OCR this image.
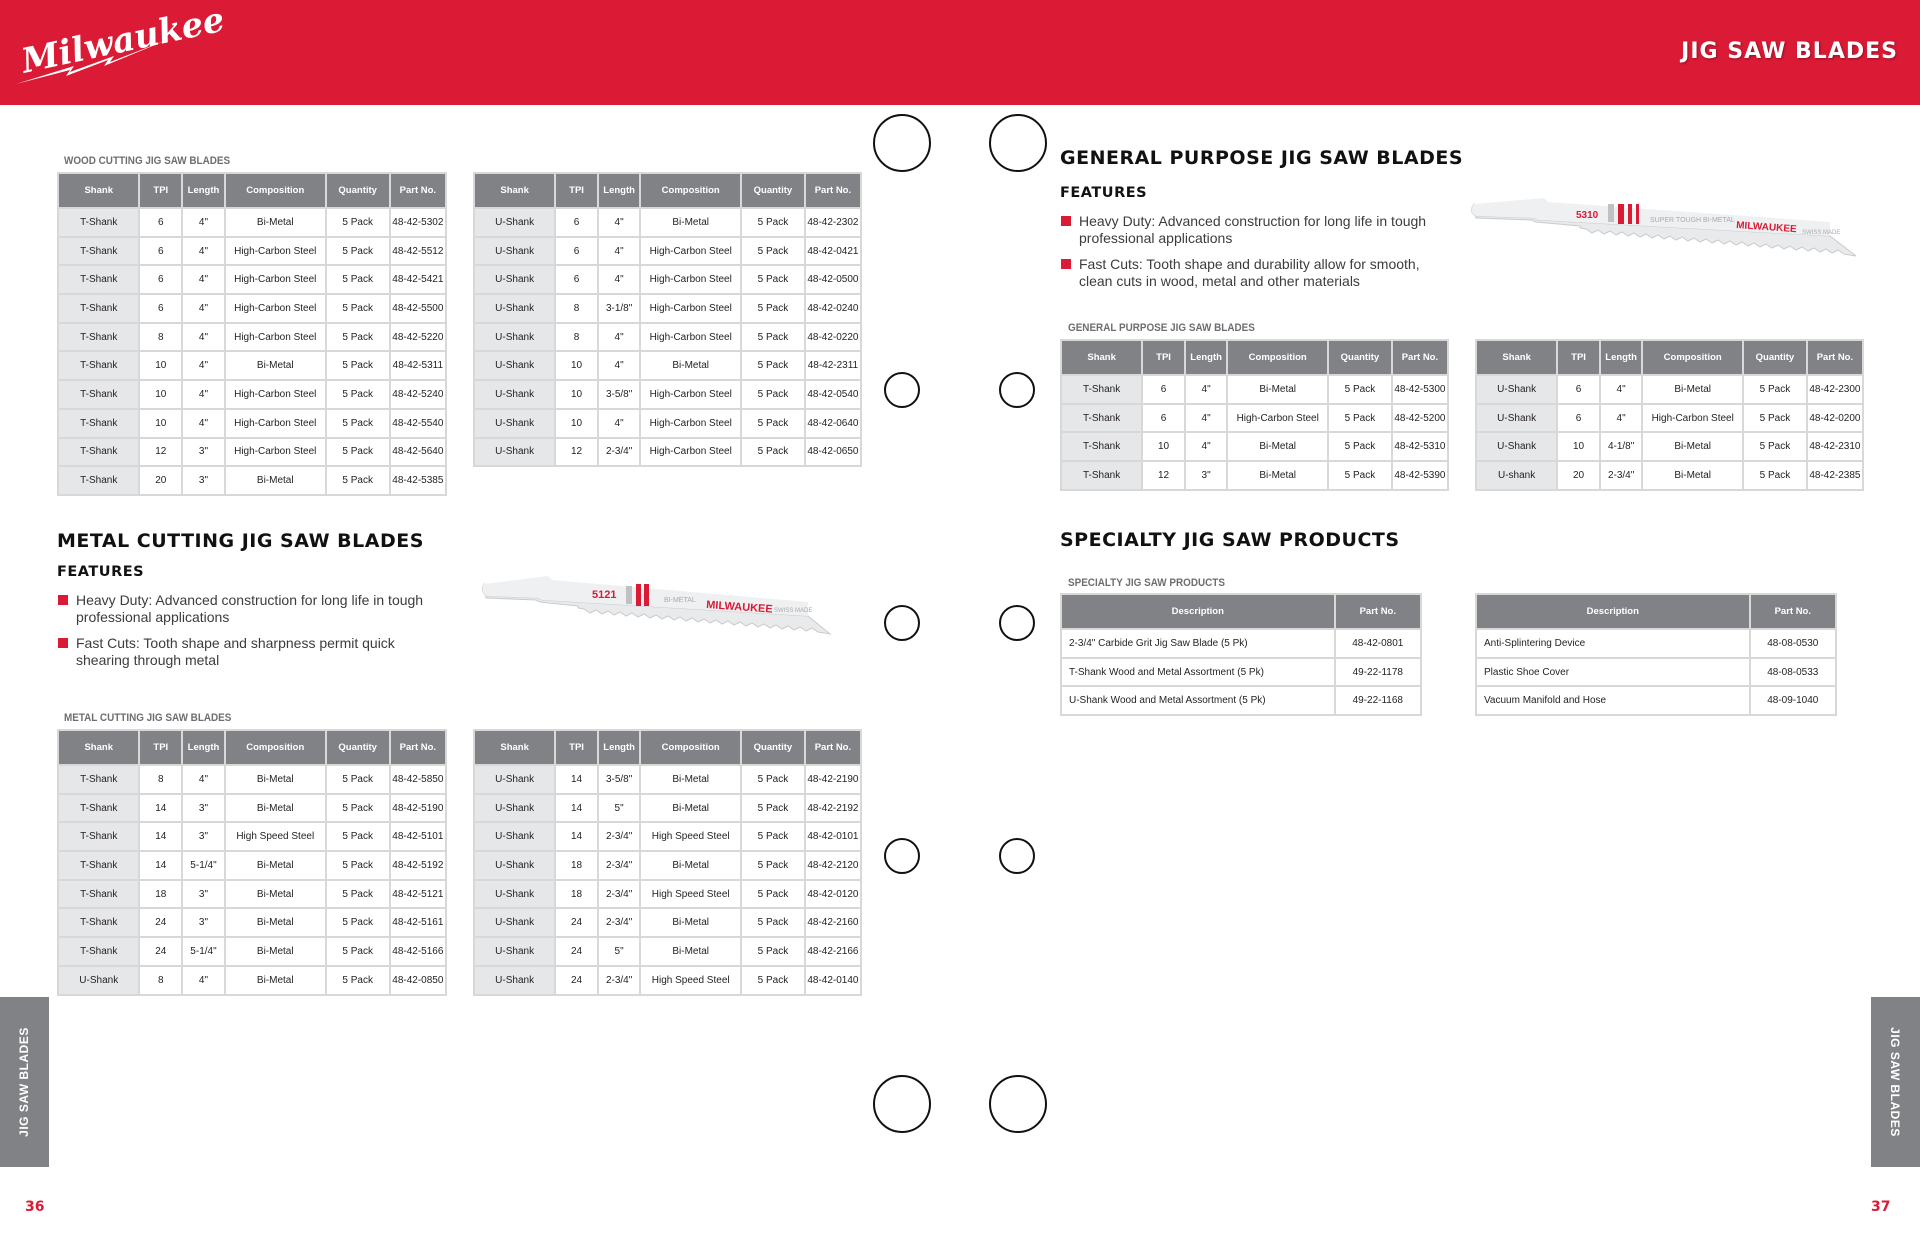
Milwaukee	JIG SAW BLADES
WOOD CUTTING JIG SAW BLADES
Shank	TPI	Length	Composition	Quantity	Part No.
T-Shank	6	4"	Bi-Metal	5 Pack	48-42-5302
T-Shank	6	4"	High-Carbon Steel	5 Pack	48-42-5512
T-Shank	6	4"	High-Carbon Steel	5 Pack	48-42-5421
T-Shank	6	4"	High-Carbon Steel	5 Pack	48-42-5500
T-Shank	8	4"	High-Carbon Steel	5 Pack	48-42-5220
T-Shank	10	4"	Bi-Metal	5 Pack	48-42-5311
T-Shank	10	4"	High-Carbon Steel	5 Pack	48-42-5240
T-Shank	10	4"	High-Carbon Steel	5 Pack	48-42-5540
T-Shank	12	3"	High-Carbon Steel	5 Pack	48-42-5640
T-Shank	20	3"	Bi-Metal	5 Pack	48-42-5385
Shank	TPI	Length	Composition	Quantity	Part No.
U-Shank	6	4"	Bi-Metal	5 Pack	48-42-2302
U-Shank	6	4"	High-Carbon Steel	5 Pack	48-42-0421
U-Shank	6	4"	High-Carbon Steel	5 Pack	48-42-0500
U-Shank	8	3-1/8"	High-Carbon Steel	5 Pack	48-42-0240
U-Shank	8	4"	High-Carbon Steel	5 Pack	48-42-0220
U-Shank	10	4"	Bi-Metal	5 Pack	48-42-2311
U-Shank	10	3-5/8"	High-Carbon Steel	5 Pack	48-42-0540
U-Shank	10	4"	High-Carbon Steel	5 Pack	48-42-0640
U-Shank	12	2-3/4"	High-Carbon Steel	5 Pack	48-42-0650
METAL CUTTING JIG SAW BLADES
FEATURES
Heavy Duty: Advanced construction for long life in tough professional applications
Fast Cuts: Tooth shape and sharpness permit quick shearing through metal
5121	BI-METAL MILWAUKEE SWISS MADE
METAL CUTTING JIG SAW BLADES
Shank	TPI	Length	Composition	Quantity	Part No.
T-Shank	8	4"	Bi-Metal	5 Pack	48-42-5850
T-Shank	14	3"	Bi-Metal	5 Pack	48-42-5190
T-Shank	14	3"	High Speed Steel	5 Pack	48-42-5101
T-Shank	14	5-1/4"	Bi-Metal	5 Pack	48-42-5192
T-Shank	18	3"	Bi-Metal	5 Pack	48-42-5121
T-Shank	24	3"	Bi-Metal	5 Pack	48-42-5161
T-Shank	24	5-1/4"	Bi-Metal	5 Pack	48-42-5166
U-Shank	8	4"	Bi-Metal	5 Pack	48-42-0850
Shank	TPI	Length	Composition	Quantity	Part No.
U-Shank	14	3-5/8"	Bi-Metal	5 Pack	48-42-2190
U-Shank	14	5"	Bi-Metal	5 Pack	48-42-2192
U-Shank	14	2-3/4"	High Speed Steel	5 Pack	48-42-0101
U-Shank	18	2-3/4"	Bi-Metal	5 Pack	48-42-2120
U-Shank	18	2-3/4"	High Speed Steel	5 Pack	48-42-0120
U-Shank	24	2-3/4"	Bi-Metal	5 Pack	48-42-2160
U-Shank	24	5"	Bi-Metal	5 Pack	48-42-2166
U-Shank	24	2-3/4"	High Speed Steel	5 Pack	48-42-0140
GENERAL PURPOSE JIG SAW BLADES
FEATURES
Heavy Duty: Advanced construction for long life in tough professional applications
Fast Cuts: Tooth shape and durability allow for smooth, clean cuts in wood, metal and other materials
5310	SUPER TOUGH BI-METAL MILWAUKEE SWISS MADE
GENERAL PURPOSE JIG SAW BLADES
Shank	TPI	Length	Composition	Quantity	Part No.
T-Shank	6	4"	Bi-Metal	5 Pack	48-42-5300
T-Shank	6	4"	High-Carbon Steel	5 Pack	48-42-5200
T-Shank	10	4"	Bi-Metal	5 Pack	48-42-5310
T-Shank	12	3"	Bi-Metal	5 Pack	48-42-5390
Shank	TPI	Length	Composition	Quantity	Part No.
U-Shank	6	4"	Bi-Metal	5 Pack	48-42-2300
U-Shank	6	4"	High-Carbon Steel	5 Pack	48-42-0200
U-Shank	10	4-1/8"	Bi-Metal	5 Pack	48-42-2310
U-shank	20	2-3/4"	Bi-Metal	5 Pack	48-42-2385
SPECIALTY JIG SAW PRODUCTS
SPECIALTY JIG SAW PRODUCTS
Description	Part No.
2-3/4" Carbide Grit Jig Saw Blade (5 Pk)	48-42-0801
T-Shank Wood and Metal Assortment (5 Pk)	49-22-1178
U-Shank Wood and Metal Assortment (5 Pk)	49-22-1168
Description	Part No.
Anti-Splintering Device	48-08-0530
Plastic Shoe Cover	48-08-0533
Vacuum Manifold and Hose	48-09-1040
JIG SAW BLADES	JIG SAW BLADES
36	37
